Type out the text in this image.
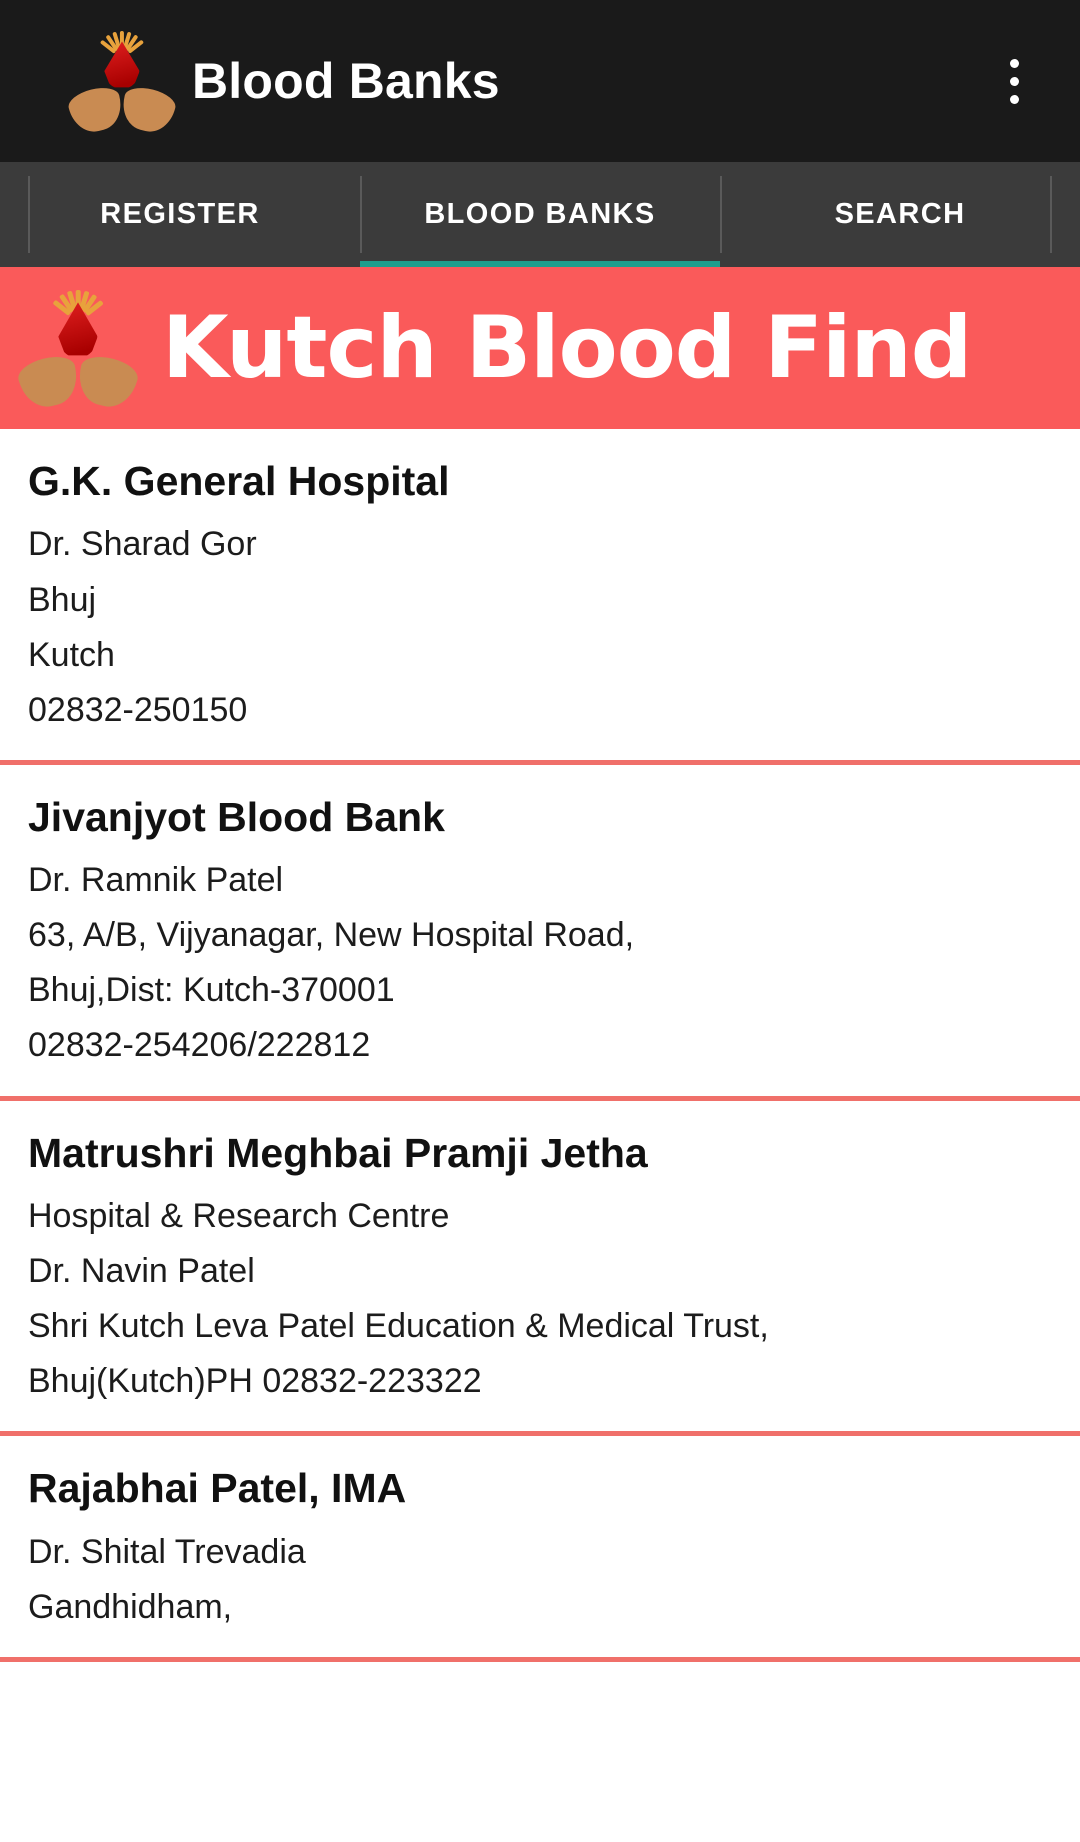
Blood Banks
REGISTER	BLOOD BANKS	SEARCH
Kutch Blood Find
G.K. General Hospital
Dr. Sharad Gor
Bhuj
Kutch
02832-250150
Jivanjyot Blood Bank
Dr. Ramnik Patel
63, A/B, Vijyanagar, New Hospital Road,
Bhuj,Dist: Kutch-370001
02832-254206/222812
Matrushri Meghbai Pramji Jetha
Hospital & Research Centre
Dr. Navin Patel
Shri Kutch Leva Patel Education & Medical Trust,
Bhuj(Kutch)PH 02832-223322
Rajabhai Patel, IMA
Dr. Shital Trevadia
Gandhidham,
